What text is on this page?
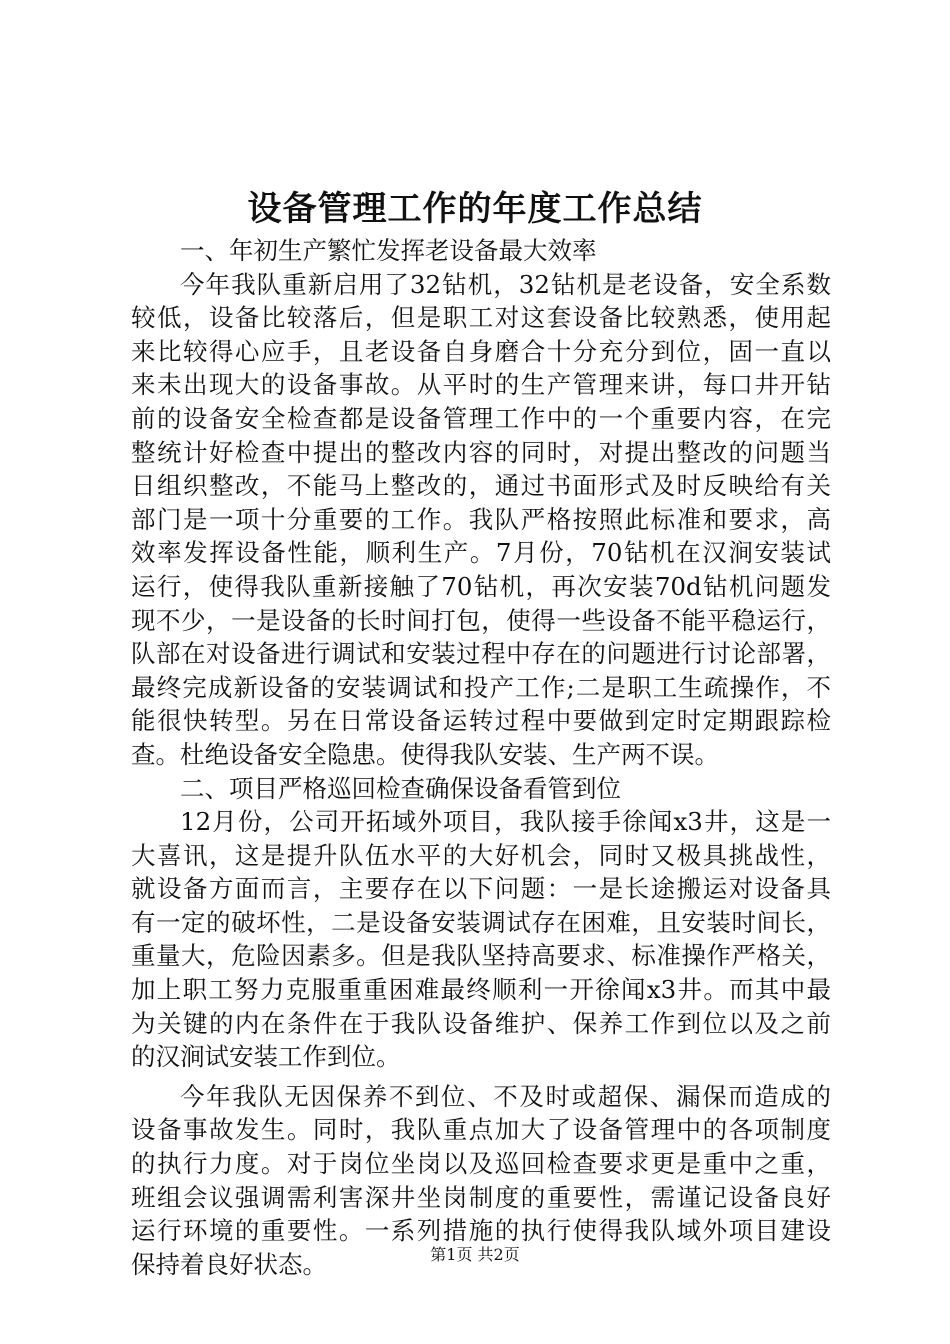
设备管理工作的年度工作总结
一、年初生产繁忙发挥老设备最大效率
今年我队重新启用了32钻机，32钻机是老设备，安全系数
较低，设备比较落后，但是职工对这套设备比较熟悉，使用起
来比较得心应手，且老设备自身磨合十分充分到位，固一直以
来未出现大的设备事故。从平时的生产管理来讲，每口井开钻
前的设备安全检查都是设备管理工作中的一个重要内容，在完
整统计好检查中提出的整改内容的同时，对提出整改的问题当
日组织整改，不能马上整改的，通过书面形式及时反映给有关
部门是一项十分重要的工作。我队严格按照此标准和要求，高
效率发挥设备性能，顺利生产。7月份，70钻机在汉涧安装试
运行，使得我队重新接触了70钻机，再次安装70d钻机问题发
现不少，一是设备的长时间打包，使得一些设备不能平稳运行，
队部在对设备进行调试和安装过程中存在的问题进行讨论部署，
最终完成新设备的安装调试和投产工作;二是职工生疏操作，不
能很快转型。另在日常设备运转过程中要做到定时定期跟踪检
查。杜绝设备安全隐患。使得我队安装、生产两不误。
二、项目严格巡回检查确保设备看管到位
12月份，公司开拓域外项目，我队接手徐闻x3井，这是一
大喜讯，这是提升队伍水平的大好机会，同时又极具挑战性，
就设备方面而言，主要存在以下问题：一是长途搬运对设备具
有一定的破坏性，二是设备安装调试存在困难，且安装时间长，
重量大，危险因素多。但是我队坚持高要求、标准操作严格关，
加上职工努力克服重重困难最终顺利一开徐闻x3井。而其中最
为关键的内在条件在于我队设备维护、保养工作到位以及之前
的汉涧试安装工作到位。
今年我队无因保养不到位、不及时或超保、漏保而造成的
设备事故发生。同时，我队重点加大了设备管理中的各项制度
的执行力度。对于岗位坐岗以及巡回检查要求更是重中之重，
班组会议强调需利害深井坐岗制度的重要性，需谨记设备良好
运行环境的重要性。一系列措施的执行使得我队域外项目建设
保持着良好状态。	第1页 共2页
